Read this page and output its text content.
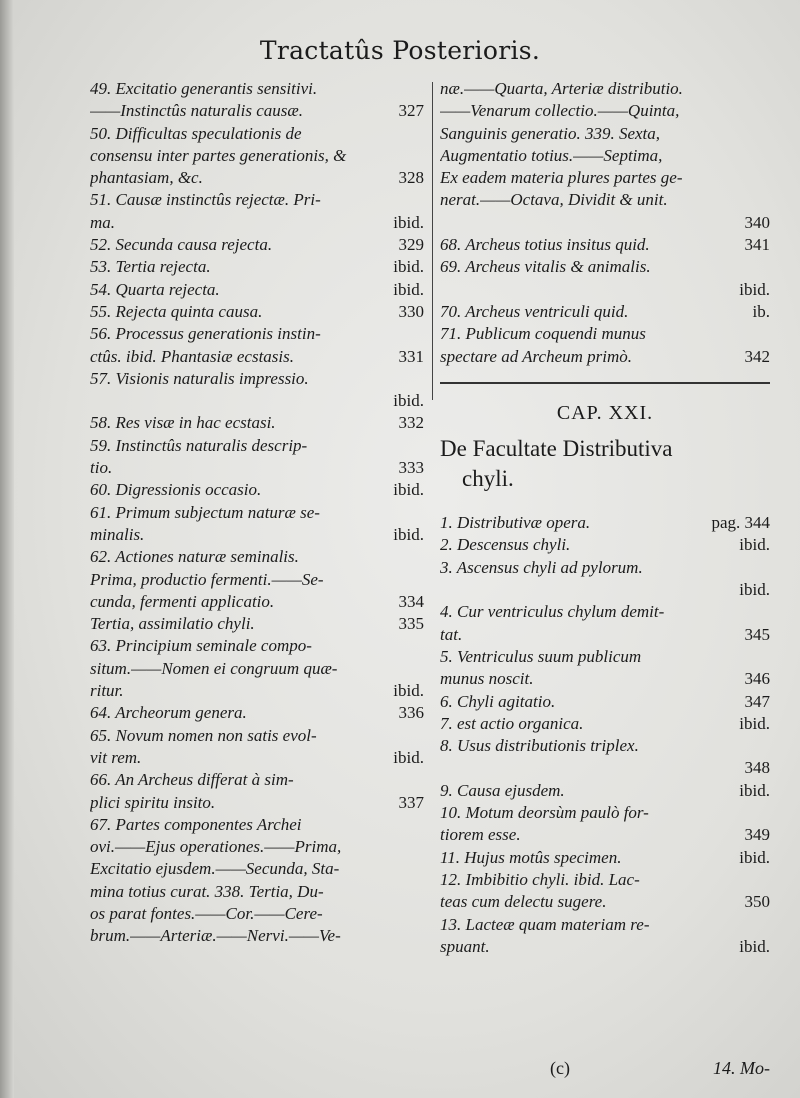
Tractatûs Posterioris.
49. Excitatio generantis sensitivi.
——Instinctûs naturalis causæ.	327
50. Difficultas speculationis de
consensu inter partes generationis, &
phantasiam, &c.	328
51. Causæ instinctûs rejectæ. Pri-
ma.	ibid.
52. Secunda causa rejecta.	329
53. Tertia rejecta.	ibid.
54. Quarta rejecta.	ibid.
55. Rejecta quinta causa.	330
56. Processus generationis instin-
ctûs. ibid. Phantasiæ ecstasis.	331
57. Visionis naturalis impressio.
ibid.
58. Res visæ in hac ecstasi.	332
59. Instinctûs naturalis descrip-
tio.	333
60. Digressionis occasio.	ibid.
61. Primum subjectum naturæ se-
minalis.	ibid.
62. Actiones naturæ seminalis.
Prima, productio fermenti.——Se-
cunda, fermenti applicatio.	334
Tertia, assimilatio chyli.	335
63. Principium seminale compo-
situm.——Nomen ei congruum quæ-
ritur.	ibid.
64. Archeorum genera.	336
65. Novum nomen non satis evol-
vit rem.	ibid.
66. An Archeus differat à sim-
plici spiritu insito.	337
67. Partes componentes Archei
ovi.——Ejus operationes.——Prima,
Excitatio ejusdem.——Secunda, Sta-
mina totius curat. 338. Tertia, Du-
os parat fontes.——Cor.——Cere-
brum.——Arteriæ.——Nervi.——Ve-
næ.——Quarta, Arteriæ distributio.
——Venarum collectio.——Quinta,
Sanguinis generatio. 339. Sexta,
Augmentatio totius.——Septima,
Ex eadem materia plures partes ge-
nerat.——Octava, Dividit & unit.
340
68. Archeus totius insitus quid.	341
69. Archeus vitalis & animalis.
ibid.
70. Archeus ventriculi quid.	ib.
71. Publicum coquendi munus
spectare ad Archeum primò.	342
CAP. XXI.
De Facultate Distributiva
chyli.
1. Distributivæ opera.	pag. 344
2. Descensus chyli.	ibid.
3. Ascensus chyli ad pylorum.
ibid.
4. Cur ventriculus chylum demit-
tat.	345
5. Ventriculus suum publicum
munus noscit.	346
6. Chyli agitatio.	347
7. est actio organica.	ibid.
8. Usus distributionis triplex.
348
9. Causa ejusdem.	ibid.
10. Motum deorsùm paulò for-
tiorem esse.	349
11. Hujus motûs specimen.	ibid.
12. Imbibitio chyli. ibid. Lac-
teas cum delectu sugere.	350
13. Lacteæ quam materiam re-
spuant.	ibid.
(c)	14. Mo-
